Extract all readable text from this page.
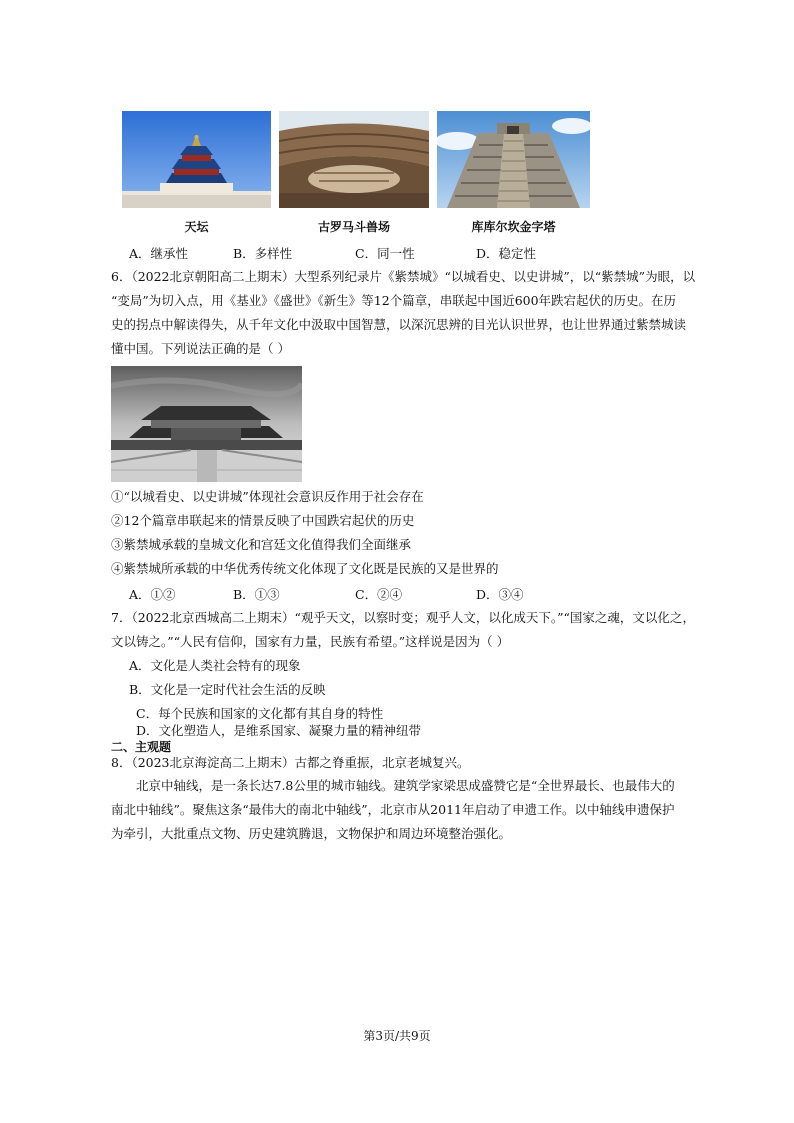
天坛	古罗马斗兽场	库库尔坎金字塔
A．继承性	B．多样性	C．同一性	D．稳定性
6．（2022北京朝阳高二上期末）大型系列纪录片《紫禁城》“以城看史、以史讲城”，以“紫禁城”为眼，以
“变局”为切入点，用《基业》《盛世》《新生》等12个篇章，串联起中国近600年跌宕起伏的历史。在历
史的拐点中解读得失，从千年文化中汲取中国智慧，以深沉思辨的目光认识世界，也让世界通过紫禁城读
懂中国。下列说法正确的是（ ）
①“以城看史、以史讲城”体现社会意识反作用于社会存在
②12个篇章串联起来的情景反映了中国跌宕起伏的历史
③紫禁城承载的皇城文化和宫廷文化值得我们全面继承
④紫禁城所承载的中华优秀传统文化体现了文化既是民族的又是世界的
A．①②	B．①③	C．②④	D．③④
7．（2022北京西城高二上期末）“观乎天文，以察时变；观乎人文，以化成天下。”“国家之魂，文以化之，
文以铸之。”“人民有信仰，国家有力量，民族有希望。”这样说是因为（ ）
A．文化是人类社会特有的现象
B．文化是一定时代社会生活的反映
C．每个民族和国家的文化都有其自身的特性
D．文化塑造人，是维系国家、凝聚力量的精神纽带
二、主观题
8．（2023北京海淀高二上期末）古都之脊重振，北京老城复兴。
北京中轴线，是一条长达7.8公里的城市轴线。建筑学家梁思成盛赞它是“全世界最长、也最伟大的
南北中轴线”。聚焦这条“最伟大的南北中轴线”，北京市从2011年启动了申遗工作。以中轴线申遗保护
为牵引，大批重点文物、历史建筑腾退，文物保护和周边环境整治强化。
第3页/共9页
